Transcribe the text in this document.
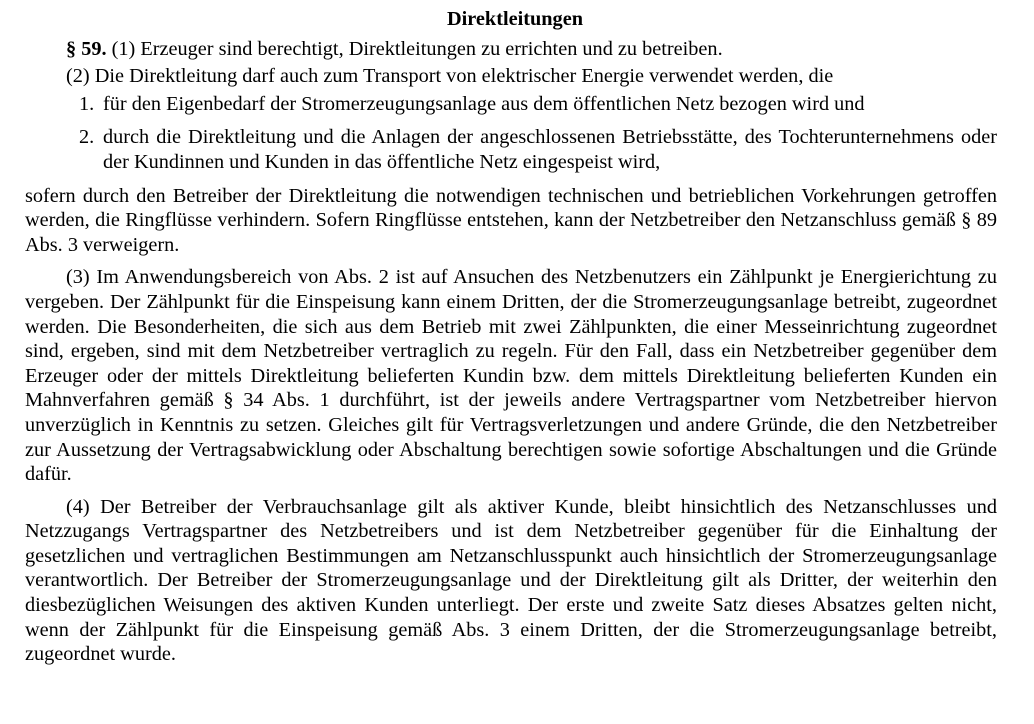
Direktleitungen

§ 59. (1) Erzeuger sind berechtigt, Direktleitungen zu errichten und zu betreiben.

(2) Die Direktleitung darf auch zum Transport von elektrischer Energie verwendet werden, die

1. für den Eigenbedarf der Stromerzeugungsanlage aus dem öffentlichen Netz bezogen wird und
2. durch die Direktleitung und die Anlagen der angeschlossenen Betriebsstätte, des Tochterunternehmens oder der Kundinnen und Kunden in das öffentliche Netz eingespeist wird,

sofern durch den Betreiber der Direktleitung die notwendigen technischen und betrieblichen Vorkehrungen getroffen werden, die Ringflüsse verhindern. Sofern Ringflüsse entstehen, kann der Netzbetreiber den Netzanschluss gemäß § 89 Abs. 3 verweigern.

(3) Im Anwendungsbereich von Abs. 2 ist auf Ansuchen des Netzbenutzers ein Zählpunkt je Energierichtung zu vergeben. Der Zählpunkt für die Einspeisung kann einem Dritten, der die Stromerzeugungsanlage betreibt, zugeordnet werden. Die Besonderheiten, die sich aus dem Betrieb mit zwei Zählpunkten, die einer Messeinrichtung zugeordnet sind, ergeben, sind mit dem Netzbetreiber vertraglich zu regeln. Für den Fall, dass ein Netzbetreiber gegenüber dem Erzeuger oder der mittels Direktleitung belieferten Kundin bzw. dem mittels Direktleitung belieferten Kunden ein Mahnverfahren gemäß § 34 Abs. 1 durchführt, ist der jeweils andere Vertragspartner vom Netzbetreiber hiervon unverzüglich in Kenntnis zu setzen. Gleiches gilt für Vertragsverletzungen und andere Gründe, die den Netzbetreiber zur Aussetzung der Vertragsabwicklung oder Abschaltung berechtigen sowie sofortige Abschaltungen und die Gründe dafür.

(4) Der Betreiber der Verbrauchsanlage gilt als aktiver Kunde, bleibt hinsichtlich des Netzanschlusses und Netzzugangs Vertragspartner des Netzbetreibers und ist dem Netzbetreiber gegenüber für die Einhaltung der gesetzlichen und vertraglichen Bestimmungen am Netzanschlusspunkt auch hinsichtlich der Stromerzeugungsanlage verantwortlich. Der Betreiber der Stromerzeugungsanlage und der Direktleitung gilt als Dritter, der weiterhin den diesbezüglichen Weisungen des aktiven Kunden unterliegt. Der erste und zweite Satz dieses Absatzes gelten nicht, wenn der Zählpunkt für die Einspeisung gemäß Abs. 3 einem Dritten, der die Stromerzeugungsanlage betreibt, zugeordnet wurde.
